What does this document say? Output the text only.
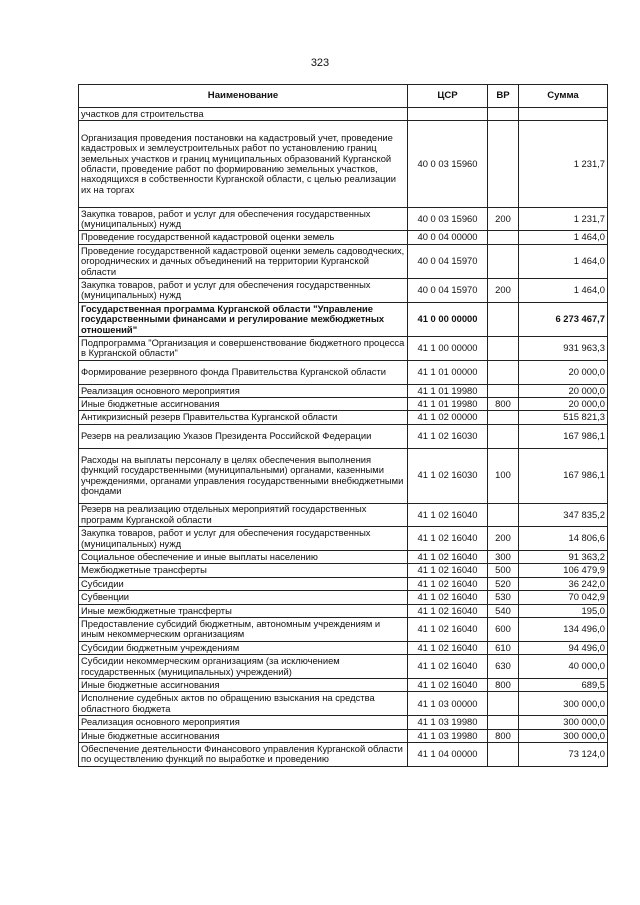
323
Наименование	ЦСР	ВР	Сумма
участков для строительства			
Организация проведения постановки на кадастровый учет, проведение кадастровых и землеустроительных работ по установлению границ земельных участков и границ муниципальных образований Курганской области, проведение работ по формированию земельных участков, находящихся в собственности Курганской области, с целью реализации их на торгах	40 0 03 15960		1 231,7
Закупка товаров, работ и услуг для обеспечения государственных (муниципальных) нужд	40 0 03 15960	200	1 231,7
Проведение государственной кадастровой оценки земель	40 0 04 00000		1 464,0
Проведение государственной кадастровой оценки земель садоводческих, огороднических и дачных объединений на территории Курганской области	40 0 04 15970		1 464,0
Закупка товаров, работ и услуг для обеспечения государственных (муниципальных) нужд	40 0 04 15970	200	1 464,0
Государственная программа Курганской области "Управление государственными финансами и регулирование межбюджетных отношений"	41 0 00 00000		6 273 467,7
Подпрограмма "Организация и совершенствование бюджетного процесса в Курганской области"	41 1 00 00000		931 963,3
Формирование резервного фонда Правительства Курганской области	41 1 01 00000		20 000,0
Реализация основного мероприятия	41 1 01 19980		20 000,0
Иные бюджетные ассигнования	41 1 01 19980	800	20 000,0
Антикризисный резерв Правительства Курганской области	41 1 02 00000		515 821,3
Резерв на реализацию Указов Президента Российской Федерации	41 1 02 16030		167 986,1
Расходы на выплаты персоналу в целях обеспечения выполнения функций государственными (муниципальными) органами, казенными учреждениями, органами управления государственными внебюджетными фондами	41 1 02 16030	100	167 986,1
Резерв на реализацию отдельных мероприятий государственных программ Курганской области	41 1 02 16040		347 835,2
Закупка товаров, работ и услуг для обеспечения государственных (муниципальных) нужд	41 1 02 16040	200	14 806,6
Социальное обеспечение и иные выплаты населению	41 1 02 16040	300	91 363,2
Межбюджетные трансферты	41 1 02 16040	500	106 479,9
Субсидии	41 1 02 16040	520	36 242,0
Субвенции	41 1 02 16040	530	70 042,9
Иные межбюджетные трансферты	41 1 02 16040	540	195,0
Предоставление субсидий бюджетным, автономным учреждениям и иным некоммерческим организациям	41 1 02 16040	600	134 496,0
Субсидии бюджетным учреждениям	41 1 02 16040	610	94 496,0
Субсидии некоммерческим организациям (за исключением государственных (муниципальных) учреждений)	41 1 02 16040	630	40 000,0
Иные бюджетные ассигнования	41 1 02 16040	800	689,5
Исполнение судебных актов по обращению взыскания на средства областного бюджета	41 1 03 00000		300 000,0
Реализация основного мероприятия	41 1 03 19980		300 000,0
Иные бюджетные ассигнования	41 1 03 19980	800	300 000,0
Обеспечение деятельности Финансового управления Курганской области по осуществлению функций по выработке и проведению	41 1 04 00000		73 124,0
